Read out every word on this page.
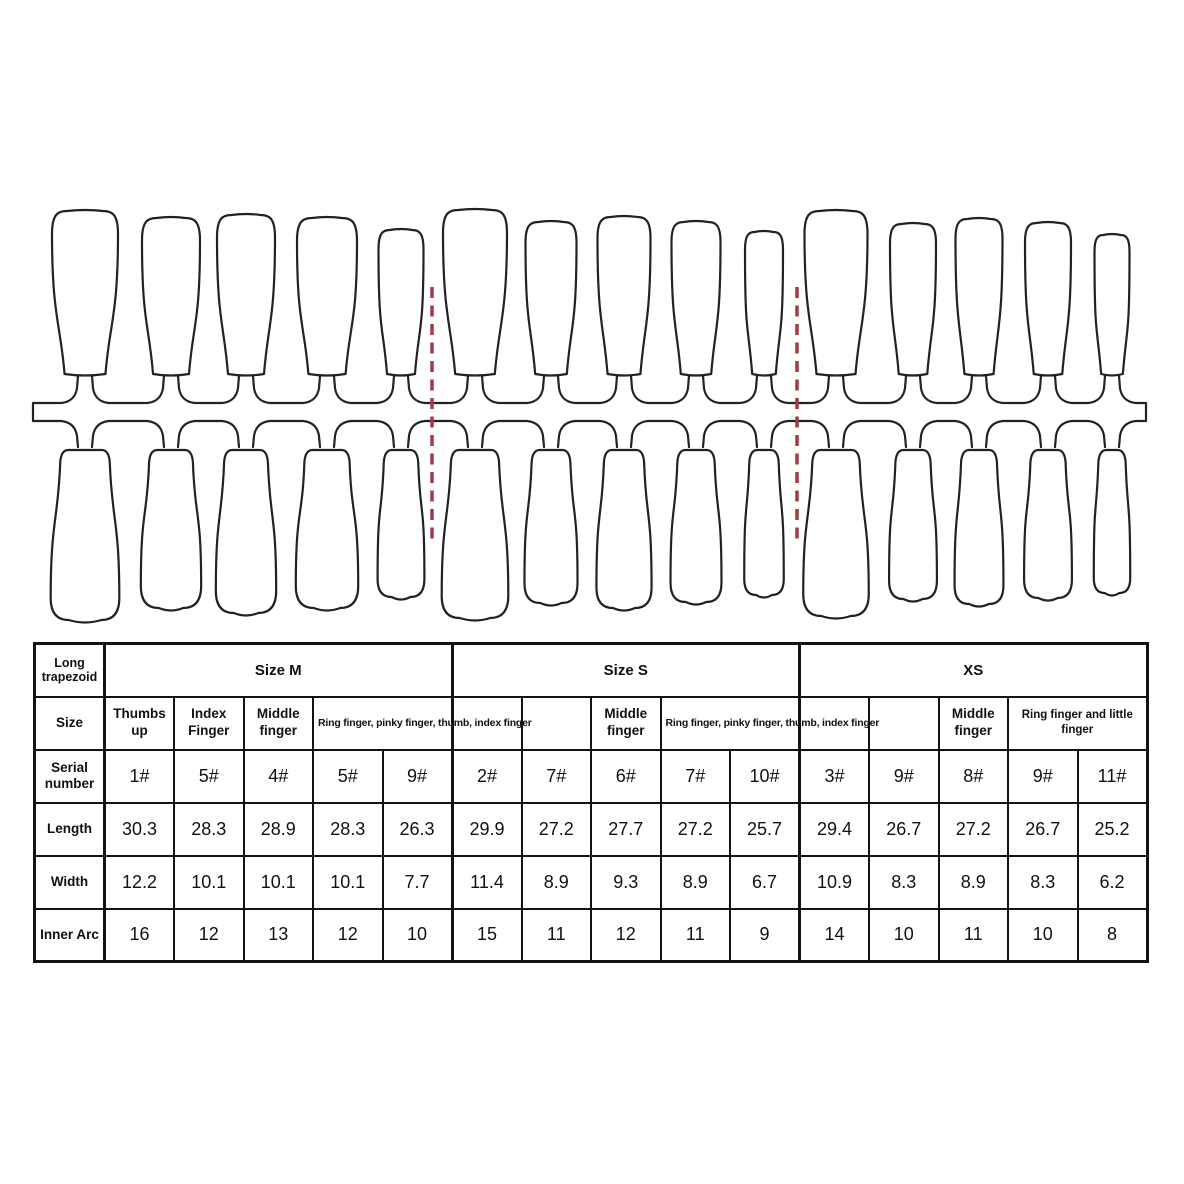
Long trapezoid	Size M					Size S					XS				
Size	Thumbs up	Index Finger	Middle finger	Ring finger, pinky finger, thumb, index finger				Middle finger	Ring finger, pinky finger, thumb, index finger				Middle finger	Ring finger and little finger	
Serial number	1#	5#	4#	5#	9#	2#	7#	6#	7#	10#	3#	9#	8#	9#	11#
Length	30.3	28.3	28.9	28.3	26.3	29.9	27.2	27.7	27.2	25.7	29.4	26.7	27.2	26.7	25.2
Width	12.2	10.1	10.1	10.1	7.7	11.4	8.9	9.3	8.9	6.7	10.9	8.3	8.9	8.3	6.2
Inner Arc	16	12	13	12	10	15	11	12	11	9	14	10	11	10	8
